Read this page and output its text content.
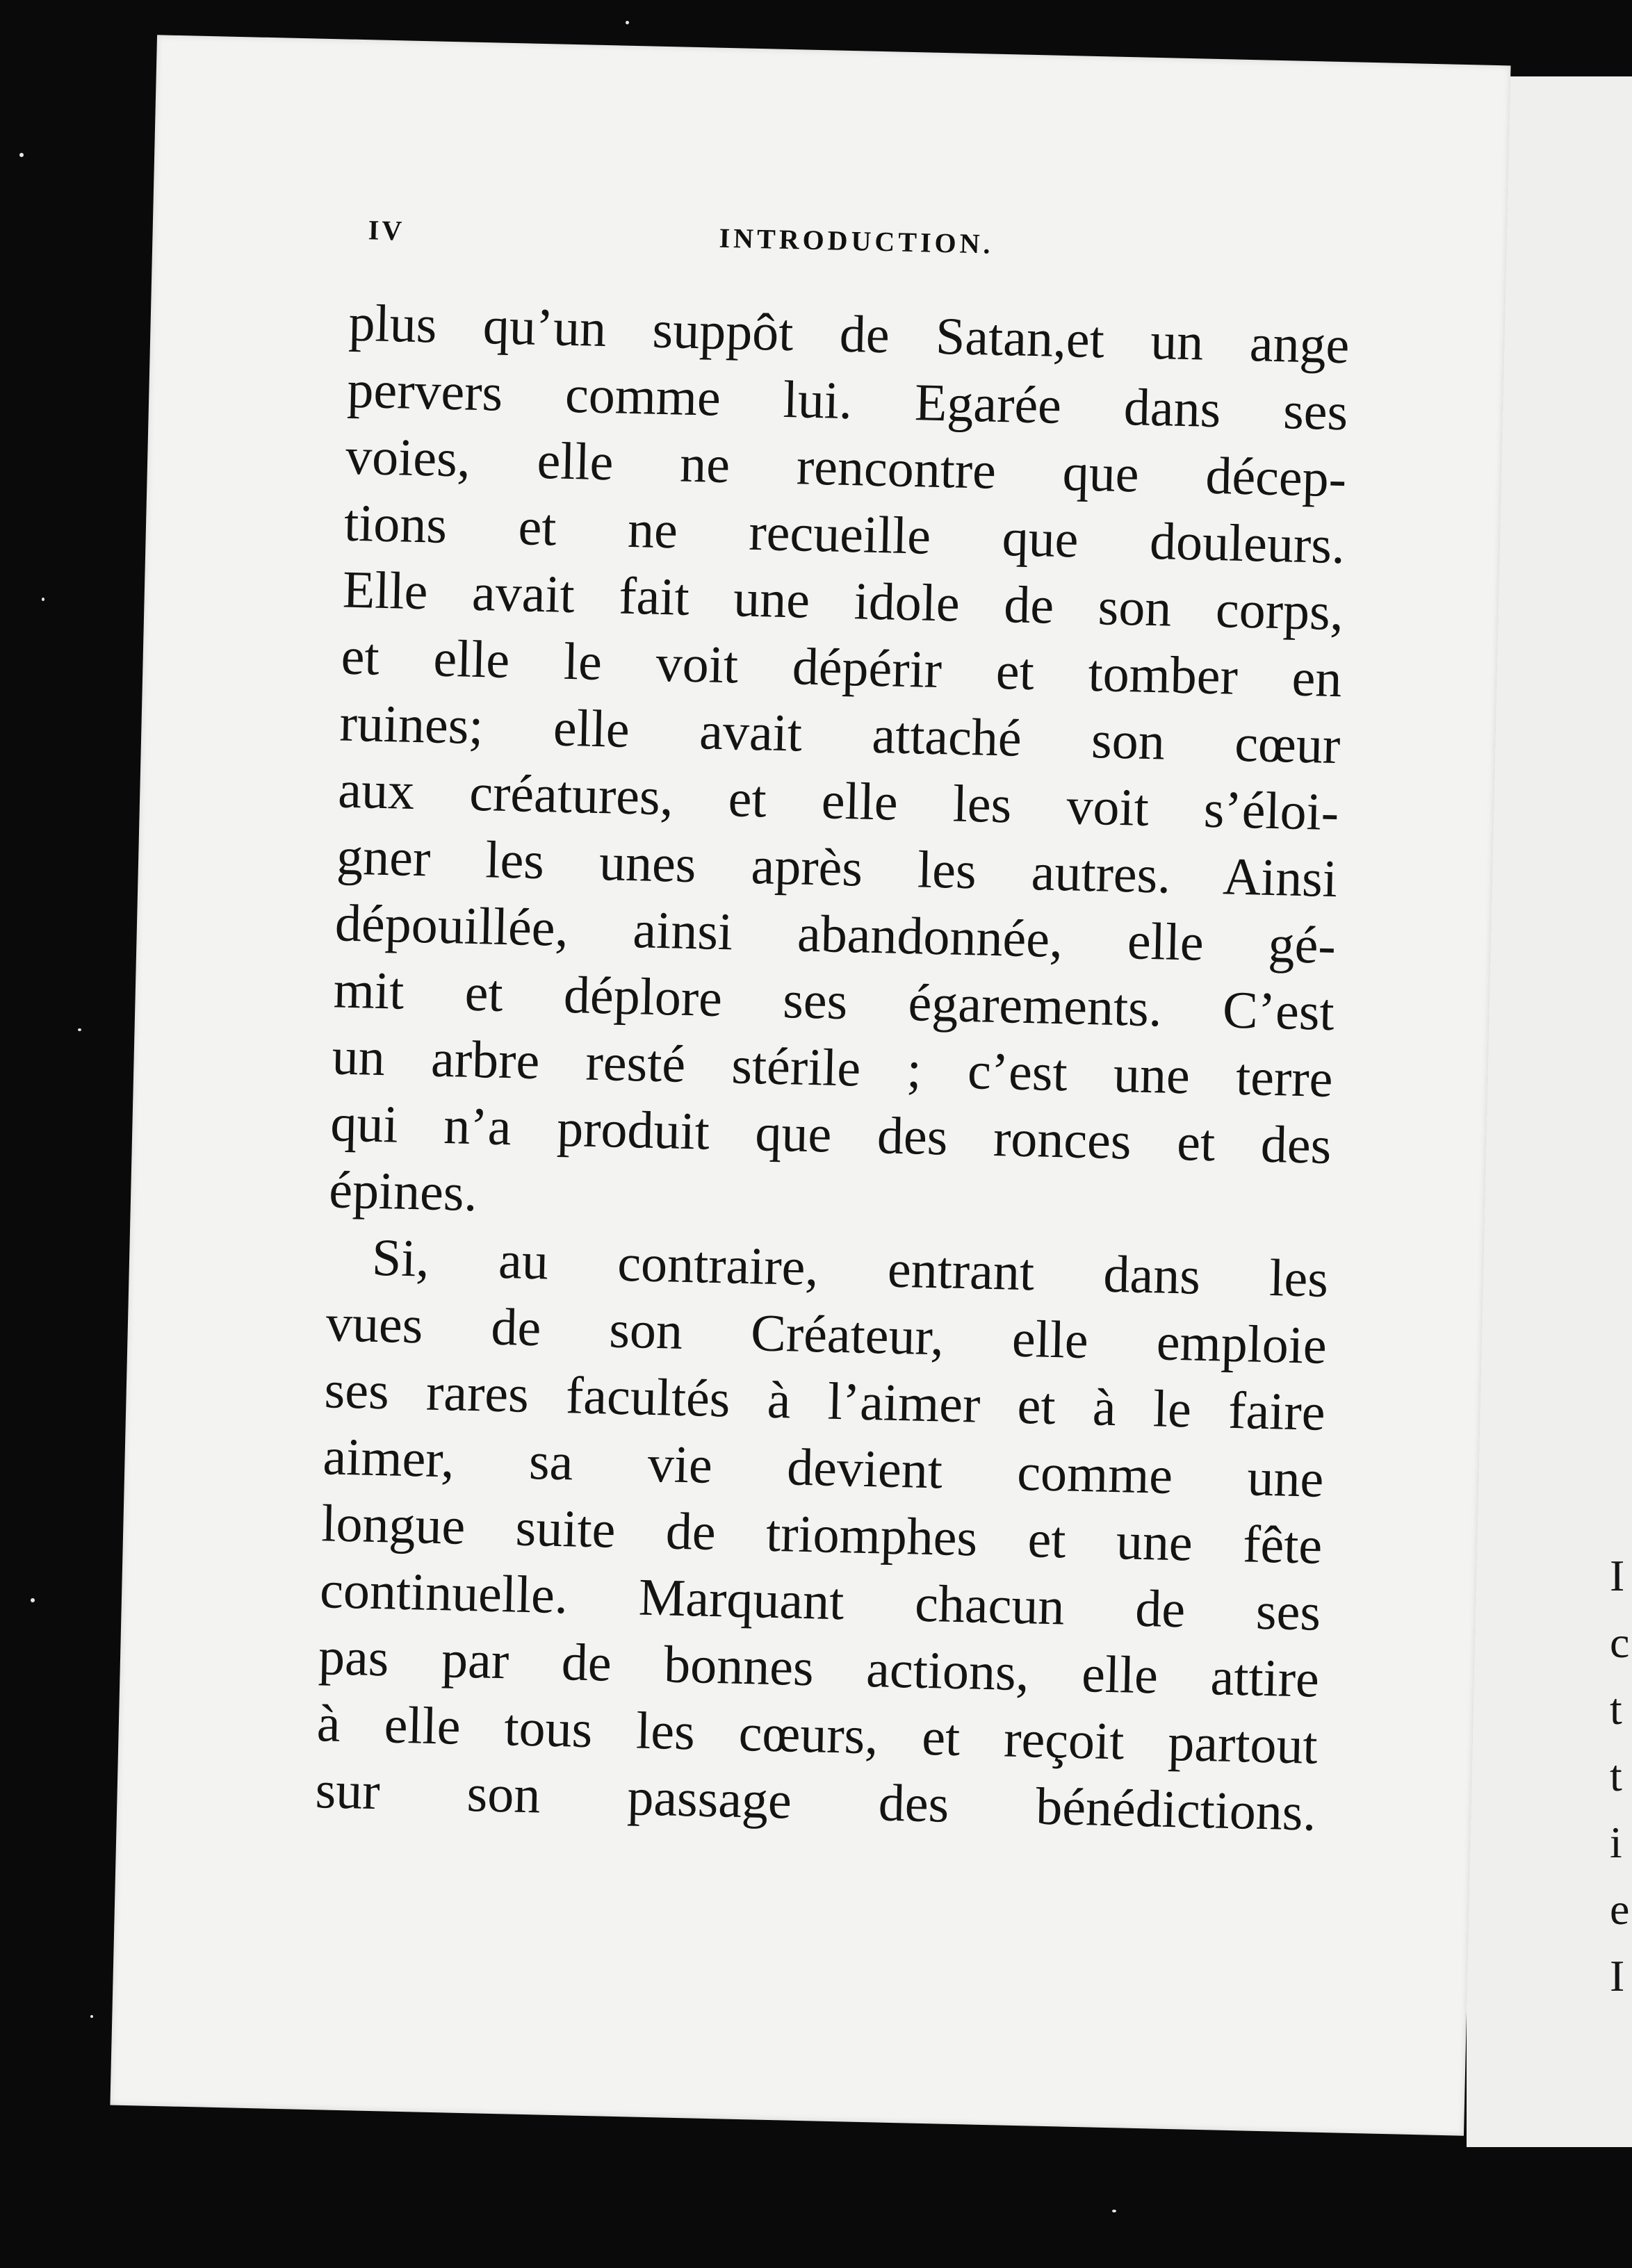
I
c
t
t
i
e
I
IV	INTRODUCTION.
plus qu’un suppôt de Satan,et un ange
pervers comme lui. Egarée dans ses
voies, elle ne rencontre que décep-
tions et ne recueille que douleurs.
Elle avait fait une idole de son corps,
et elle le voit dépérir et tomber en
ruines; elle avait attaché son cœur
aux créatures, et elle les voit s’éloi-
gner les unes après les autres. Ainsi
dépouillée, ainsi abandonnée, elle gé-
mit et déplore ses égarements. C’est
un arbre resté stérile ; c’est une terre
qui n’a produit que des ronces et des
épines.
Si, au contraire, entrant dans les
vues de son Créateur, elle emploie
ses rares facultés à l’aimer et à le faire
aimer, sa vie devient comme une
longue suite de triomphes et une fête
continuelle. Marquant chacun de ses
pas par de bonnes actions, elle attire
à elle tous les cœurs, et reçoit partout
sur son passage des bénédictions.
